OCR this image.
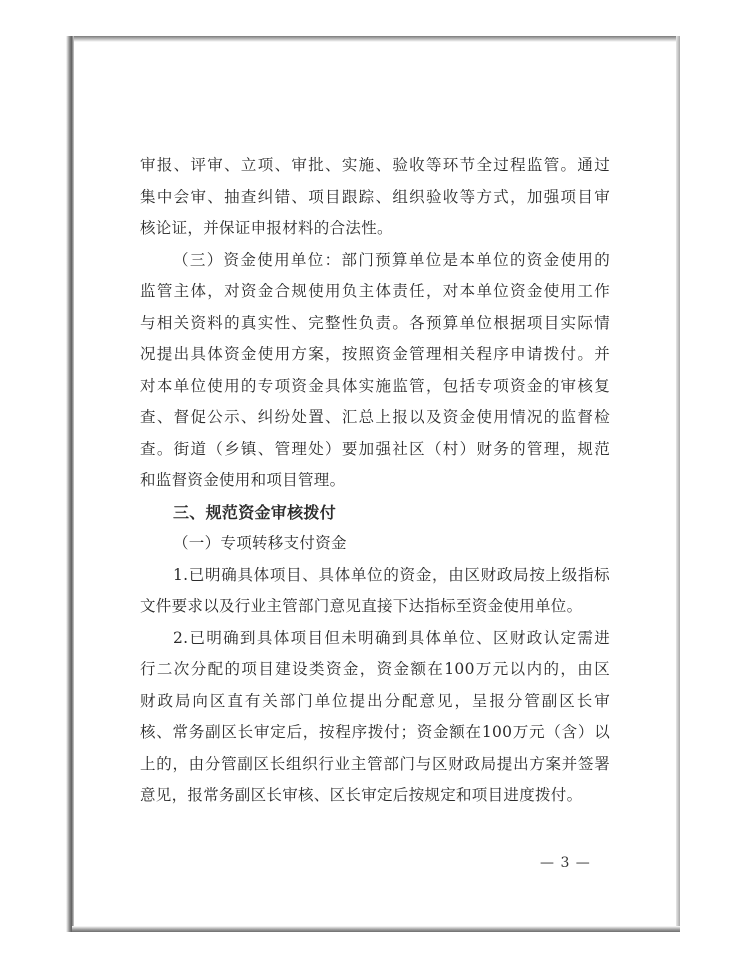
审报、评审、立项、审批、实施、验收等环节全过程监管。通过
集中会审、抽查纠错、项目跟踪、组织验收等方式，加强项目审
核论证，并保证申报材料的合法性。
（三）资金使用单位：部门预算单位是本单位的资金使用的
监管主体，对资金合规使用负主体责任，对本单位资金使用工作
与相关资料的真实性、完整性负责。各预算单位根据项目实际情
况提出具体资金使用方案，按照资金管理相关程序申请拨付。并
对本单位使用的专项资金具体实施监管，包括专项资金的审核复
查、督促公示、纠纷处置、汇总上报以及资金使用情况的监督检
查。街道（乡镇、管理处）要加强社区（村）财务的管理，规范
和监督资金使用和项目管理。
三、规范资金审核拨付
（一）专项转移支付资金
1.已明确具体项目、具体单位的资金，由区财政局按上级指标
文件要求以及行业主管部门意见直接下达指标至资金使用单位。
2.已明确到具体项目但未明确到具体单位、区财政认定需进
行二次分配的项目建设类资金，资金额在100万元以内的，由区
财政局向区直有关部门单位提出分配意见，呈报分管副区长审
核、常务副区长审定后，按程序拨付；资金额在100万元（含）以
上的，由分管副区长组织行业主管部门与区财政局提出方案并签署
意见，报常务副区长审核、区长审定后按规定和项目进度拨付。
— 3 —
